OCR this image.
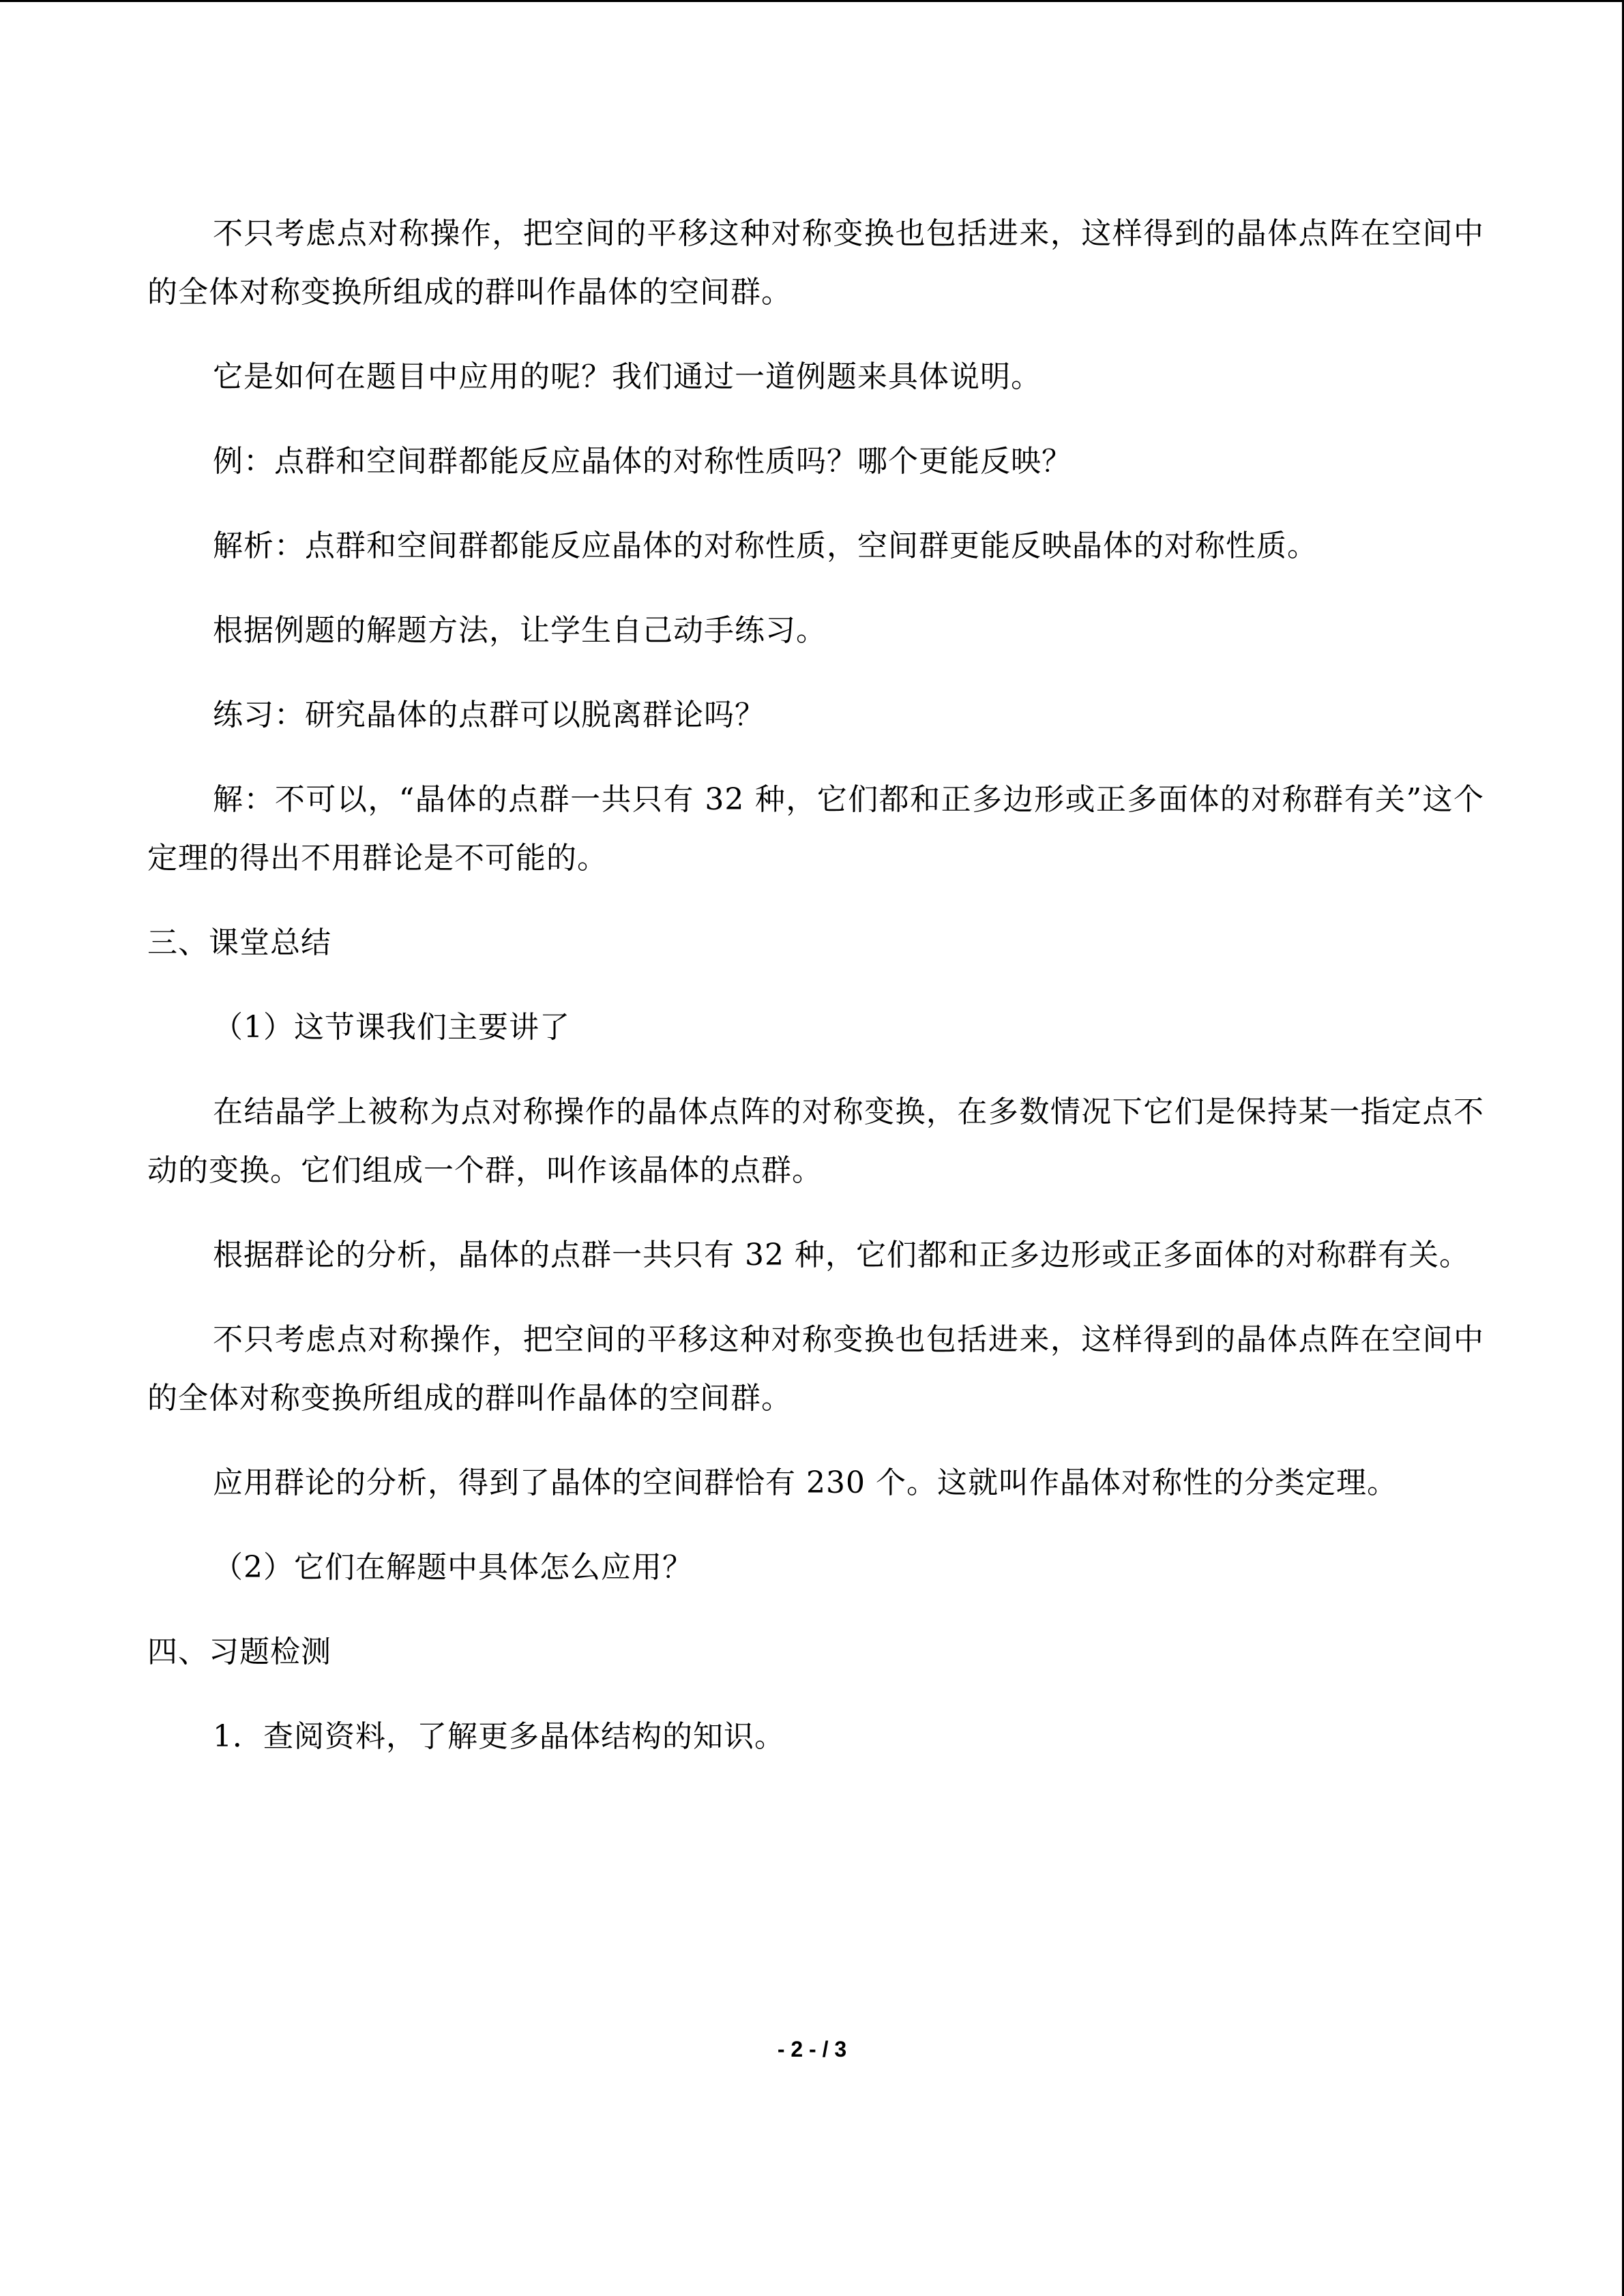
不只考虑点对称操作，把空间的平移这种对称变换也包括进来，这样得到的晶体点阵在空间中的全体对称变换所组成的群叫作晶体的空间群。

它是如何在题目中应用的呢？我们通过一道例题来具体说明。

例：点群和空间群都能反应晶体的对称性质吗？哪个更能反映？

解析：点群和空间群都能反应晶体的对称性质，空间群更能反映晶体的对称性质。

根据例题的解题方法，让学生自己动手练习。

练习：研究晶体的点群可以脱离群论吗？

解：不可以，“晶体的点群一共只有 32 种，它们都和正多边形或正多面体的对称群有关”这个定理的得出不用群论是不可能的。

三、课堂总结

（1）这节课我们主要讲了

在结晶学上被称为点对称操作的晶体点阵的对称变换，在多数情况下它们是保持某一指定点不动的变换。它们组成一个群，叫作该晶体的点群。

根据群论的分析，晶体的点群一共只有 32 种，它们都和正多边形或正多面体的对称群有关。

不只考虑点对称操作，把空间的平移这种对称变换也包括进来，这样得到的晶体点阵在空间中的全体对称变换所组成的群叫作晶体的空间群。

应用群论的分析，得到了晶体的空间群恰有 230 个。这就叫作晶体对称性的分类定理。

（2）它们在解题中具体怎么应用？

四、习题检测

1．查阅资料，了解更多晶体结构的知识。

- 2 - / 3
